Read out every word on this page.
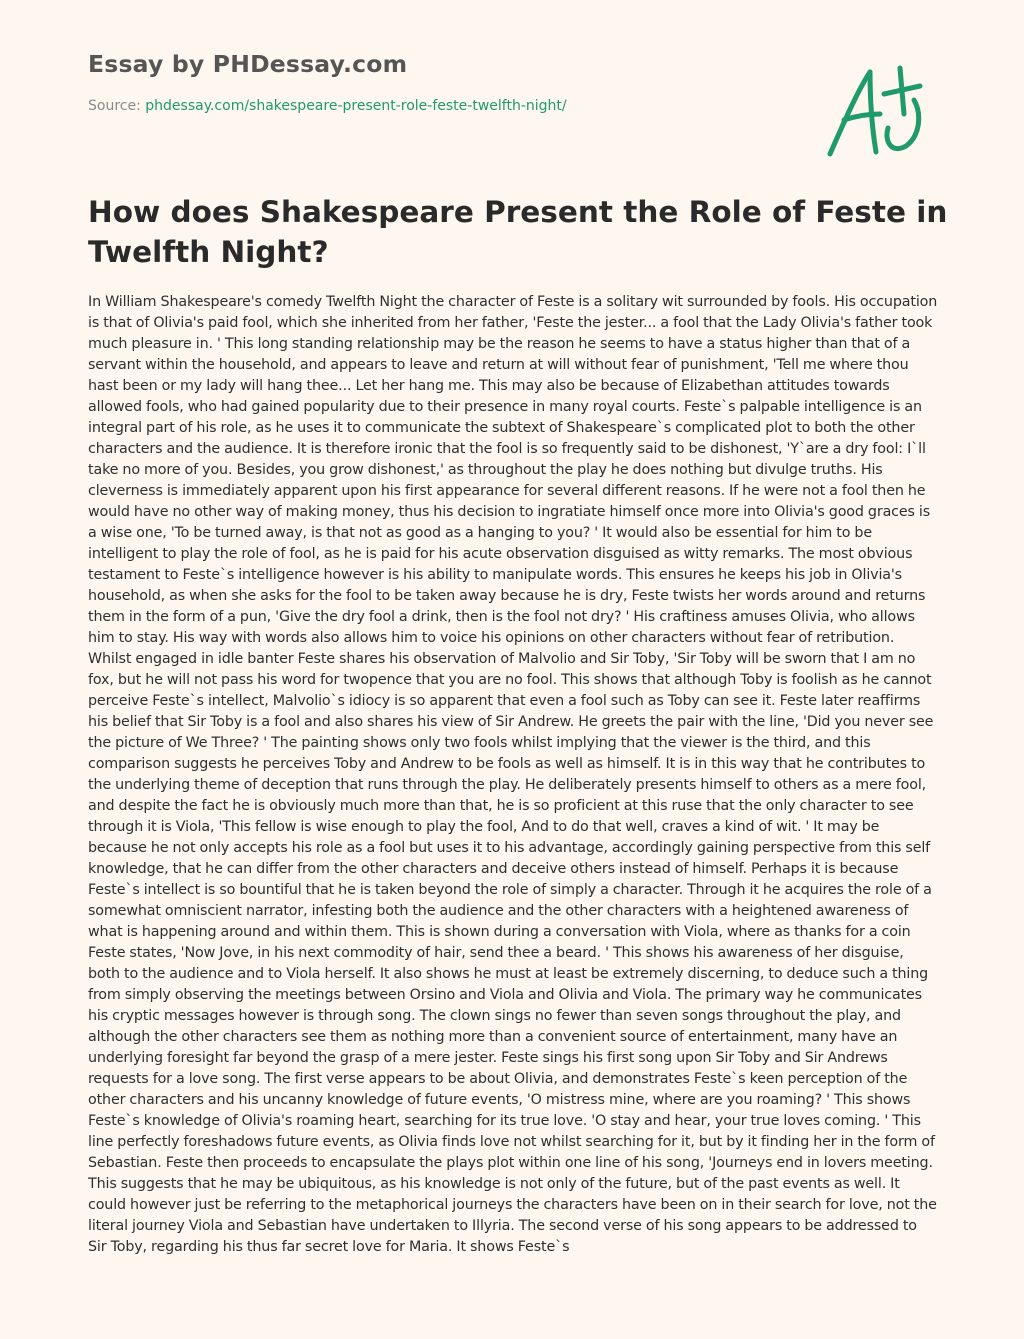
Essay by PHDessay.com
Source: phdessay.com/shakespeare-present-role-feste-twelfth-night/
How does Shakespeare Present the Role of Feste in Twelfth Night?

In William Shakespeare's comedy Twelfth Night the character of Feste is a solitary wit surrounded by fools. His occupation is that of Olivia's paid fool, which she inherited from her father, 'Feste the jester... a fool that the Lady Olivia's father took much pleasure in. ' This long standing relationship may be the reason he seems to have a status higher than that of a servant within the household, and appears to leave and return at will without fear of punishment, 'Tell me where thou hast been or my lady will hang thee... Let her hang me. This may also be because of Elizabethan attitudes towards allowed fools, who had gained popularity due to their presence in many royal courts. Feste`s palpable intelligence is an integral part of his role, as he uses it to communicate the subtext of Shakespeare`s complicated plot to both the other characters and the audience. It is therefore ironic that the fool is so frequently said to be dishonest, 'Y`are a dry fool: I`ll take no more of you. Besides, you grow dishonest,' as throughout the play he does nothing but divulge truths. His cleverness is immediately apparent upon his first appearance for several different reasons. If he were not a fool then he would have no other way of making money, thus his decision to ingratiate himself once more into Olivia's good graces is a wise one, 'To be turned away, is that not as good as a hanging to you? ' It would also be essential for him to be intelligent to play the role of fool, as he is paid for his acute observation disguised as witty remarks. The most obvious testament to Feste`s intelligence however is his ability to manipulate words. This ensures he keeps his job in Olivia's household, as when she asks for the fool to be taken away because he is dry, Feste twists her words around and returns them in the form of a pun, 'Give the dry fool a drink, then is the fool not dry? ' His craftiness amuses Olivia, who allows him to stay. His way with words also allows him to voice his opinions on other characters without fear of retribution. Whilst engaged in idle banter Feste shares his observation of Malvolio and Sir Toby, 'Sir Toby will be sworn that I am no fox, but he will not pass his word for twopence that you are no fool. This shows that although Toby is foolish as he cannot perceive Feste`s intellect, Malvolio`s idiocy is so apparent that even a fool such as Toby can see it. Feste later reaffirms his belief that Sir Toby is a fool and also shares his view of Sir Andrew. He greets the pair with the line, 'Did you never see the picture of We Three? ' The painting shows only two fools whilst implying that the viewer is the third, and this comparison suggests he perceives Toby and Andrew to be fools as well as himself. It is in this way that he contributes to the underlying theme of deception that runs through the play. He deliberately presents himself to others as a mere fool, and despite the fact he is obviously much more than that, he is so proficient at this ruse that the only character to see through it is Viola, 'This fellow is wise enough to play the fool, And to do that well, craves a kind of wit. ' It may be because he not only accepts his role as a fool but uses it to his advantage, accordingly gaining perspective from this self knowledge, that he can differ from the other characters and deceive others instead of himself. Perhaps it is because Feste`s intellect is so bountiful that he is taken beyond the role of simply a character. Through it he acquires the role of a somewhat omniscient narrator, infesting both the audience and the other characters with a heightened awareness of what is happening around and within them. This is shown during a conversation with Viola, where as thanks for a coin Feste states, 'Now Jove, in his next commodity of hair, send thee a beard. ' This shows his awareness of her disguise, both to the audience and to Viola herself. It also shows he must at least be extremely discerning, to deduce such a thing from simply observing the meetings between Orsino and Viola and Olivia and Viola. The primary way he communicates his cryptic messages however is through song. The clown sings no fewer than seven songs throughout the play, and although the other characters see them as nothing more than a convenient source of entertainment, many have an underlying foresight far beyond the grasp of a mere jester. Feste sings his first song upon Sir Toby and Sir Andrews requests for a love song. The first verse appears to be about Olivia, and demonstrates Feste`s keen perception of the other characters and his uncanny knowledge of future events, 'O mistress mine, where are you roaming? ' This shows Feste`s knowledge of Olivia's roaming heart, searching for its true love. 'O stay and hear, your true loves coming. ' This line perfectly foreshadows future events, as Olivia finds love not whilst searching for it, but by it finding her in the form of Sebastian. Feste then proceeds to encapsulate the plays plot within one line of his song, 'Journeys end in lovers meeting. This suggests that he may be ubiquitous, as his knowledge is not only of the future, but of the past events as well. It could however just be referring to the metaphorical journeys the characters have been on in their search for love, not the literal journey Viola and Sebastian have undertaken to Illyria. The second verse of his song appears to be addressed to Sir Toby, regarding his thus far secret love for Maria. It shows Feste`s
